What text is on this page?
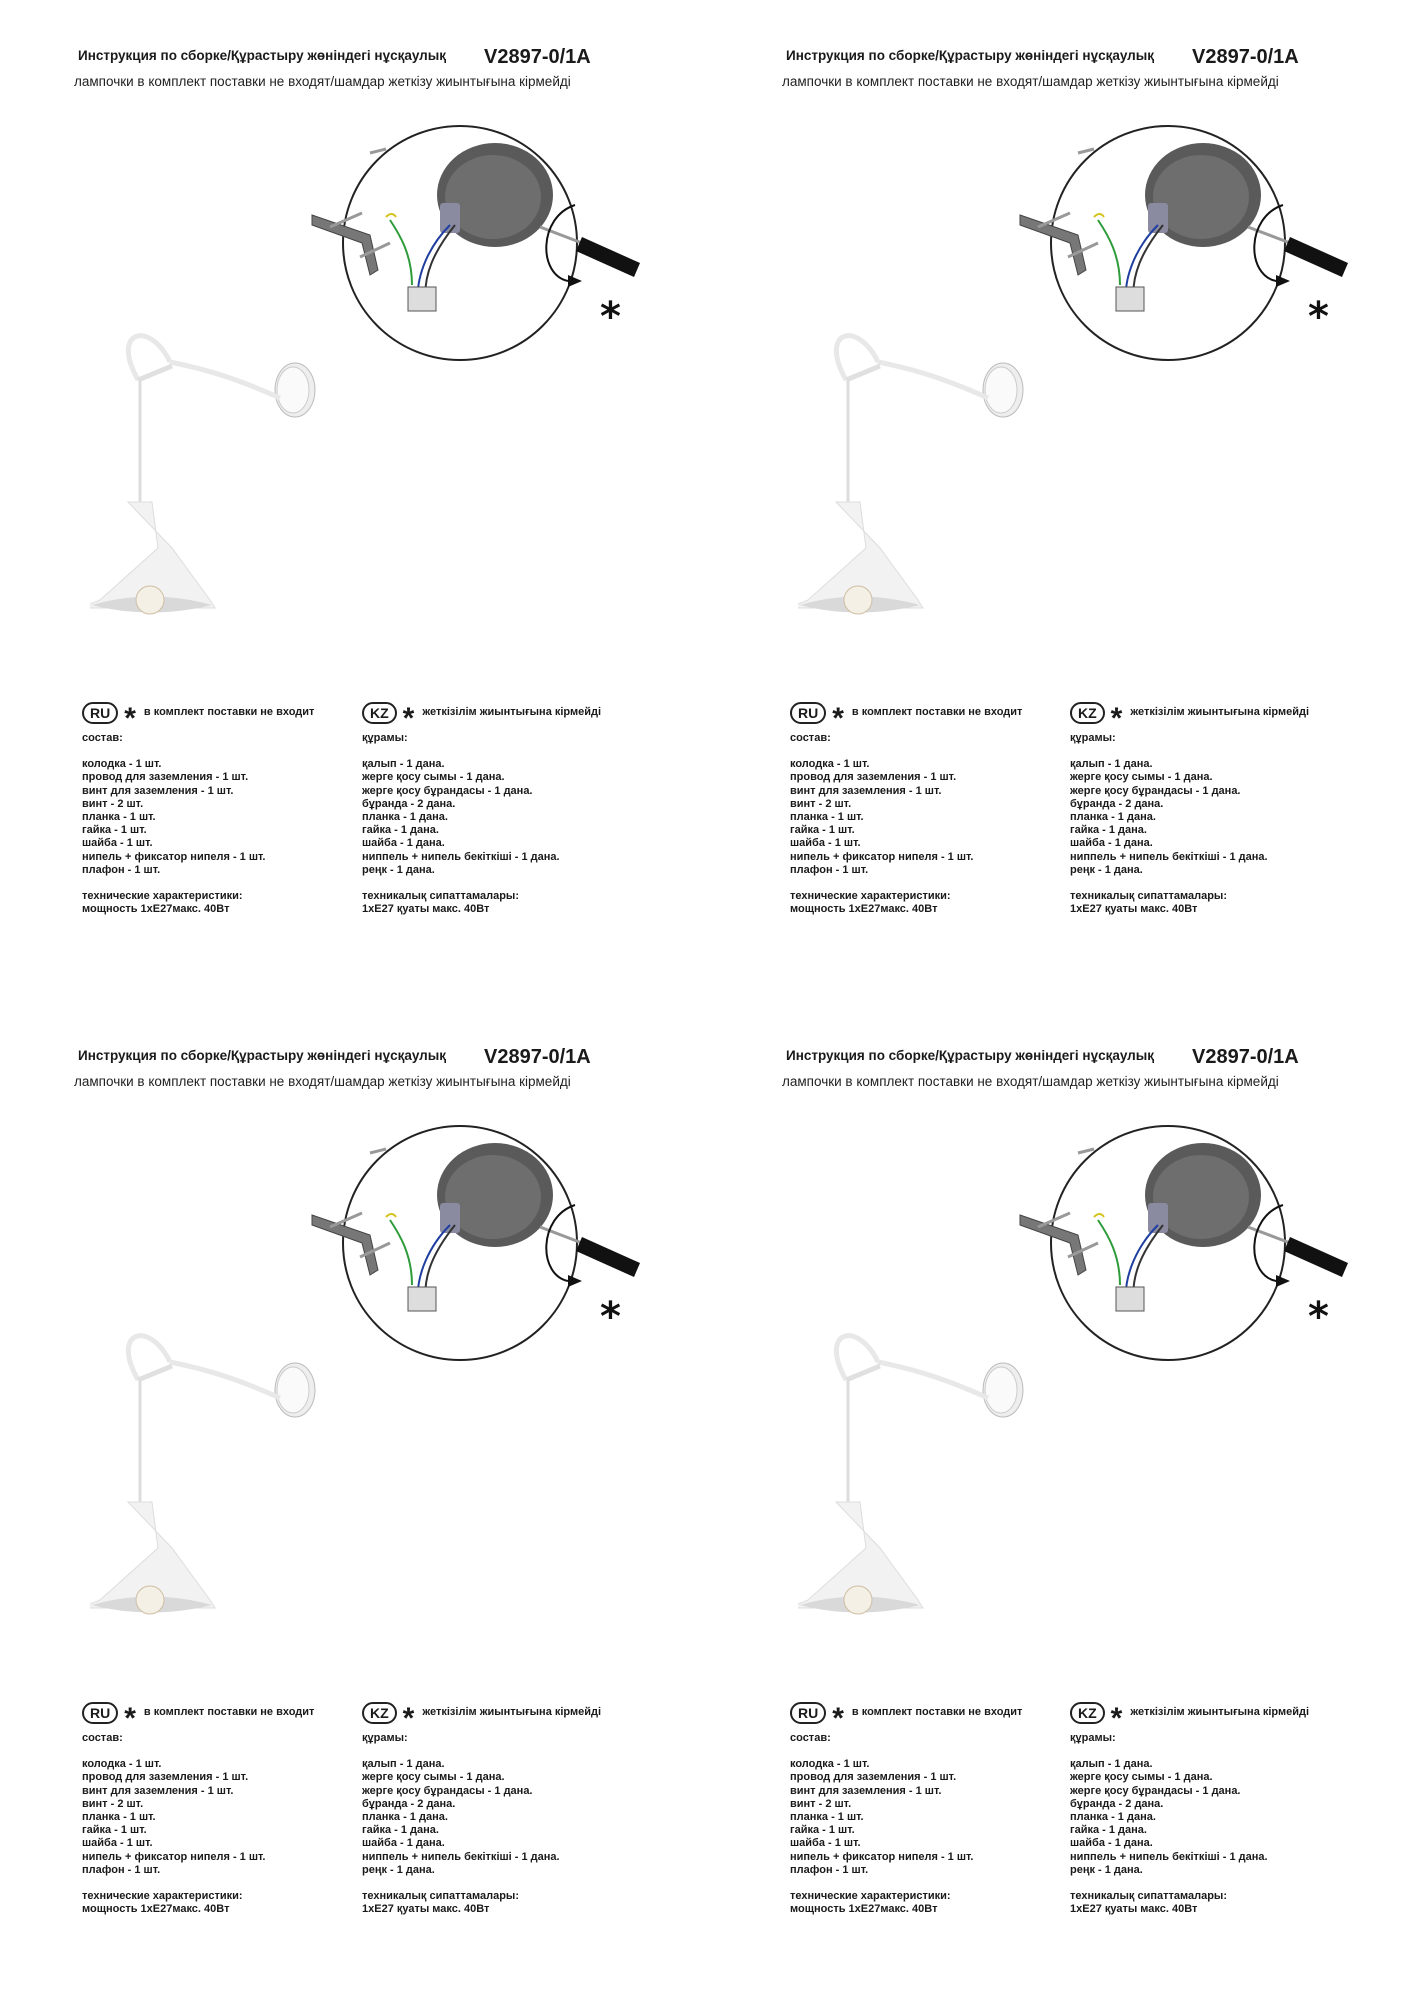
Инструкция по сборке/Құрастыру жөніндегі нұсқаулық V2897-0/1A
лампочки в комплект поставки не входят/шамдар жеткізу жиынтығына кірмейді
*
RU * в комплект поставки не входит
состав:
колодка - 1 шт.
провод для заземления - 1 шт.
винт для заземления - 1 шт.
винт - 2 шт.
планка - 1 шт.
гайка - 1 шт.
шайба - 1 шт.
нипель + фиксатор нипеля - 1 шт.
плафон - 1 шт.
технические характеристики:
мощность 1хE27макс. 40Вт
KZ * жеткізілім жиынтығына кірмейді
құрамы:
қалып - 1 дана.
жерге қосу сымы - 1 дана.
жерге қосу бұрандасы - 1 дана.
бұранда - 2 дана.
планка - 1 дана.
гайка - 1 дана.
шайба - 1 дана.
ниппель + нипель бекіткіші - 1 дана.
реңк - 1 дана.
техникалық сипаттамалары:
1хE27 қуаты макс. 40Вт
Инструкция по сборке/Құрастыру жөніндегі нұсқаулық V2897-0/1A
лампочки в комплект поставки не входят/шамдар жеткізу жиынтығына кірмейді
*
RU * в комплект поставки не входит
состав:
колодка - 1 шт.
провод для заземления - 1 шт.
винт для заземления - 1 шт.
винт - 2 шт.
планка - 1 шт.
гайка - 1 шт.
шайба - 1 шт.
нипель + фиксатор нипеля - 1 шт.
плафон - 1 шт.
технические характеристики:
мощность 1хE27макс. 40Вт
KZ * жеткізілім жиынтығына кірмейді
құрамы:
қалып - 1 дана.
жерге қосу сымы - 1 дана.
жерге қосу бұрандасы - 1 дана.
бұранда - 2 дана.
планка - 1 дана.
гайка - 1 дана.
шайба - 1 дана.
ниппель + нипель бекіткіші - 1 дана.
реңк - 1 дана.
техникалық сипаттамалары:
1хE27 қуаты макс. 40Вт
Инструкция по сборке/Құрастыру жөніндегі нұсқаулық V2897-0/1A
лампочки в комплект поставки не входят/шамдар жеткізу жиынтығына кірмейді
*
RU * в комплект поставки не входит
состав:
колодка - 1 шт.
провод для заземления - 1 шт.
винт для заземления - 1 шт.
винт - 2 шт.
планка - 1 шт.
гайка - 1 шт.
шайба - 1 шт.
нипель + фиксатор нипеля - 1 шт.
плафон - 1 шт.
технические характеристики:
мощность 1хE27макс. 40Вт
KZ * жеткізілім жиынтығына кірмейді
құрамы:
қалып - 1 дана.
жерге қосу сымы - 1 дана.
жерге қосу бұрандасы - 1 дана.
бұранда - 2 дана.
планка - 1 дана.
гайка - 1 дана.
шайба - 1 дана.
ниппель + нипель бекіткіші - 1 дана.
реңк - 1 дана.
техникалық сипаттамалары:
1хE27 қуаты макс. 40Вт
Инструкция по сборке/Құрастыру жөніндегі нұсқаулық V2897-0/1A
лампочки в комплект поставки не входят/шамдар жеткізу жиынтығына кірмейді
*
RU * в комплект поставки не входит
состав:
колодка - 1 шт.
провод для заземления - 1 шт.
винт для заземления - 1 шт.
винт - 2 шт.
планка - 1 шт.
гайка - 1 шт.
шайба - 1 шт.
нипель + фиксатор нипеля - 1 шт.
плафон - 1 шт.
технические характеристики:
мощность 1хE27макс. 40Вт
KZ * жеткізілім жиынтығына кірмейді
құрамы:
қалып - 1 дана.
жерге қосу сымы - 1 дана.
жерге қосу бұрандасы - 1 дана.
бұранда - 2 дана.
планка - 1 дана.
гайка - 1 дана.
шайба - 1 дана.
ниппель + нипель бекіткіші - 1 дана.
реңк - 1 дана.
техникалық сипаттамалары:
1хE27 қуаты макс. 40Вт
